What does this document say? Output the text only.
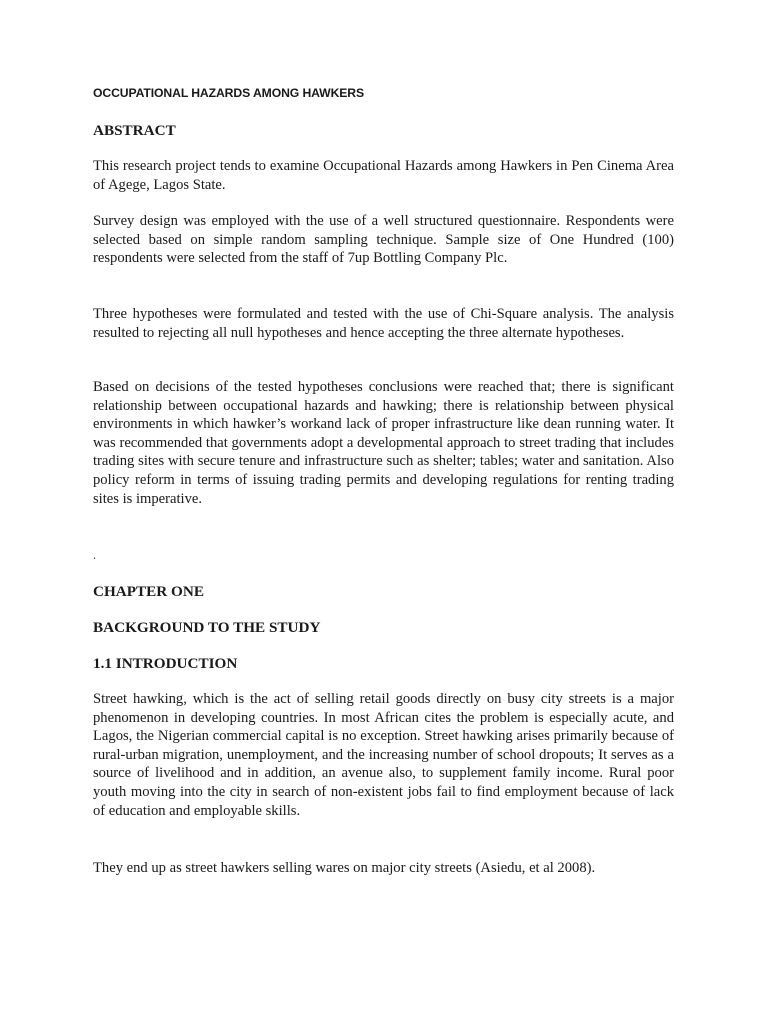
OCCUPATIONAL HAZARDS AMONG HAWKERS
ABSTRACT

This research project tends to examine Occupational Hazards among Hawkers in Pen Cinema Area of Agege, Lagos State.

Survey design was employed with the use of a well structured questionnaire. Respondents were selected based on simple random sampling technique. Sample size of One Hundred (100) respondents were selected from the staff of 7up Bottling Company Plc.

Three hypotheses were formulated and tested with the use of Chi-Square analysis. The analysis resulted to rejecting all null hypotheses and hence accepting the three alternate hypotheses.

Based on decisions of the tested hypotheses conclusions were reached that; there is significant relationship between occupational hazards and hawking; there is relationship between physical environments in which hawker’s workand lack of proper infrastructure like dean running water. It was recommended that governments adopt a developmental approach to street trading that includes trading sites with secure tenure and infrastructure such as shelter; tables; water and sanitation. Also policy reform in terms of issuing trading permits and developing regulations for renting trading sites is imperative.

.
CHAPTER ONE
BACKGROUND TO THE STUDY
1.1 INTRODUCTION

Street hawking, which is the act of selling retail goods directly on busy city streets is a major phenomenon in developing countries. In most African cites the problem is especially acute, and Lagos, the Nigerian commercial capital is no exception. Street hawking arises primarily because of rural-urban migration, unemployment, and the increasing number of school dropouts; It serves as a source of livelihood and in addition, an avenue also, to supplement family income. Rural poor youth moving into the city in search of non-existent jobs fail to find employment because of lack of education and employable skills.

They end up as street hawkers selling wares on major city streets (Asiedu, et al 2008).
